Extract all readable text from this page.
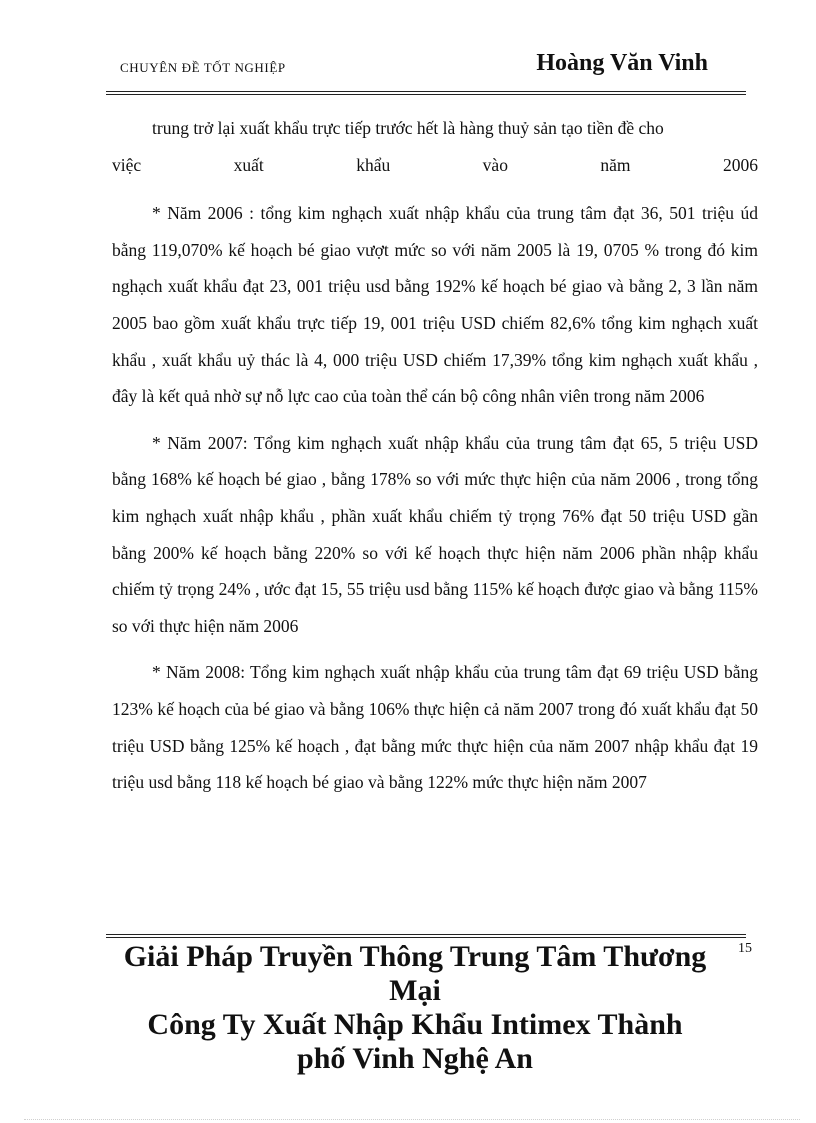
CHUYÊN ĐỀ TỐT NGHIỆP	Hoàng Văn Vinh

trung trở lại xuất khẩu trực tiếp trước hết là hàng thuỷ sản tạo tiền đề cho

việc xuất khẩu vào năm 2006

* Năm 2006 : tổng kim nghạch xuất nhập khẩu của trung tâm đạt 36, 501 triệu úd bằng 119,070% kế hoạch bé giao vượt mức so với năm 2005 là 19, 0705 % trong đó kim nghạch xuất khẩu đạt 23, 001 triệu usd bằng 192% kế hoạch bé giao và bằng 2, 3 lần năm 2005 bao gồm xuất khẩu trực tiếp 19, 001 triệu USD chiếm 82,6% tổng kim nghạch xuất khẩu , xuất khẩu uỷ thác là 4, 000 triệu USD chiếm 17,39% tổng kim nghạch xuất khẩu , đây là kết quả nhờ sự nỗ lực cao của toàn thể cán bộ công nhân viên trong năm 2006

* Năm 2007: Tổng kim nghạch xuất nhập khẩu của trung tâm đạt 65, 5 triệu USD bằng 168% kế hoạch bé giao , bằng 178% so với mức thực hiện của năm 2006 , trong tổng kim nghạch xuất nhập khẩu , phần xuất khẩu chiếm tỷ trọng 76% đạt 50 triệu USD gần bằng 200% kế hoạch bằng 220% so với kế hoạch thực hiện năm 2006 phần nhập khẩu chiếm tỷ trọng 24% , ước đạt 15, 55 triệu usd bằng 115% kế hoạch được giao và bằng 115% so với thực hiện năm 2006

* Năm 2008: Tổng kim nghạch xuất nhập khẩu của trung tâm đạt 69 triệu USD bằng 123% kế hoạch của bé giao và bằng 106% thực hiện cả năm 2007 trong đó xuất khẩu đạt 50 triệu USD bằng 125% kế hoạch , đạt bằng mức thực hiện của năm 2007 nhập khẩu đạt 19 triệu usd bằng 118 kế hoạch bé giao và bằng 122% mức thực hiện năm 2007

Giải Pháp Truyền Thông Trung Tâm Thương
Mại
Công Ty Xuất Nhập Khẩu Intimex Thành
phố Vinh Nghệ An
15
